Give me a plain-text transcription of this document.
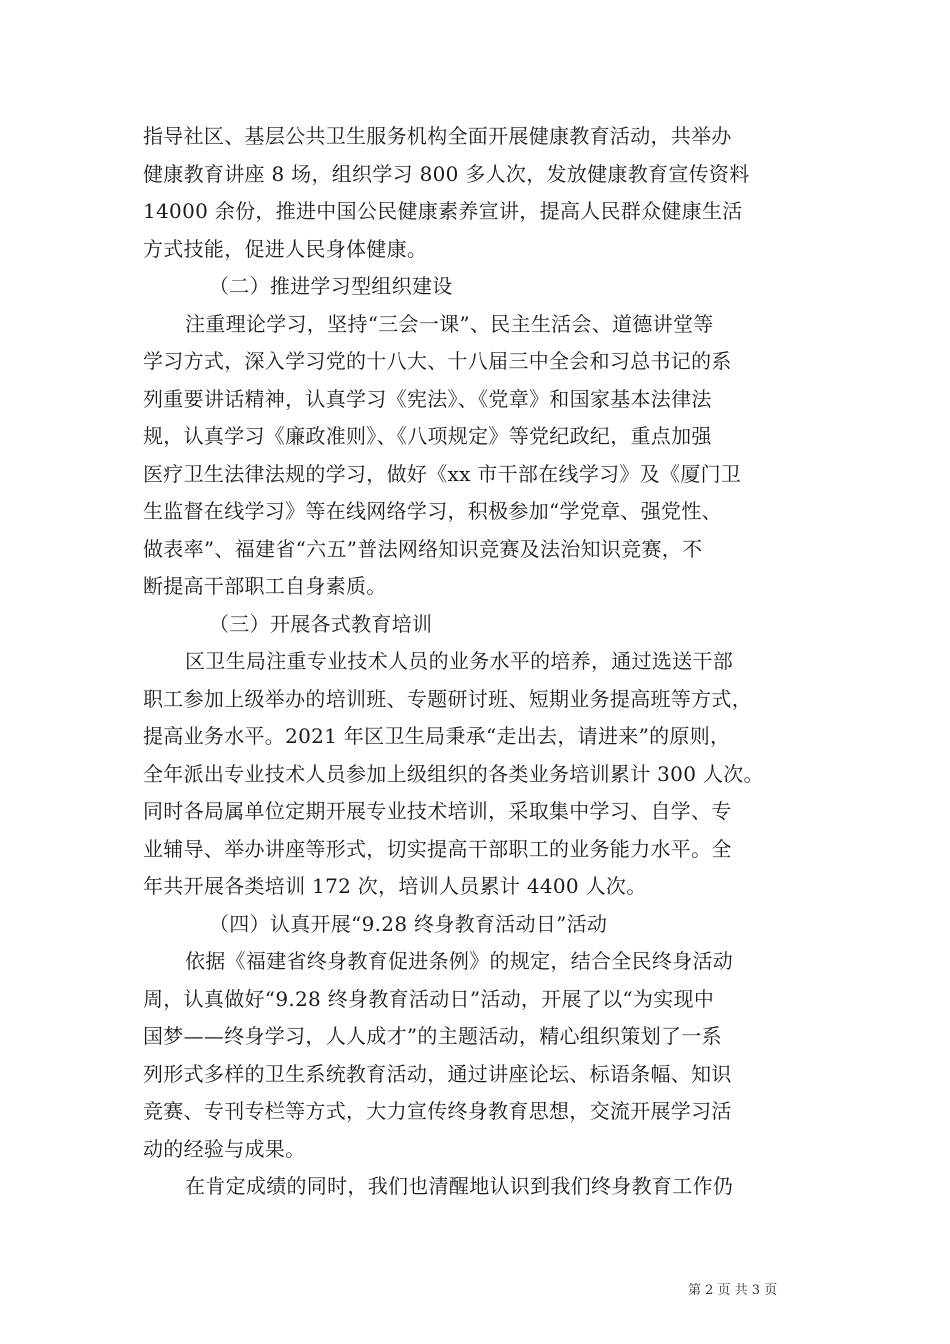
指导社区、基层公共卫生服务机构全面开展健康教育活动，共举办
健康教育讲座 8 场，组织学习 800 多人次，发放健康教育宣传资料
14000 余份，推进中国公民健康素养宣讲，提高人民群众健康生活
方式技能，促进人民身体健康。
（二）推进学习型组织建设
注重理论学习，坚持“三会一课”、民主生活会、道德讲堂等
学习方式，深入学习党的十八大、十八届三中全会和习总书记的系
列重要讲话精神，认真学习《宪法》、《党章》和国家基本法律法
规，认真学习《廉政准则》、《八项规定》等党纪政纪，重点加强
医疗卫生法律法规的学习，做好《xx 市干部在线学习》及《厦门卫
生监督在线学习》等在线网络学习，积极参加“学党章、强党性、
做表率”、福建省“六五”普法网络知识竞赛及法治知识竞赛，不
断提高干部职工自身素质。
（三）开展各式教育培训
区卫生局注重专业技术人员的业务水平的培养，通过选送干部
职工参加上级举办的培训班、专题研讨班、短期业务提高班等方式，
提高业务水平。2021 年区卫生局秉承“走出去，请进来”的原则，
全年派出专业技术人员参加上级组织的各类业务培训累计 300 人次。
同时各局属单位定期开展专业技术培训，采取集中学习、自学、专
业辅导、举办讲座等形式，切实提高干部职工的业务能力水平。全
年共开展各类培训 172 次，培训人员累计 4400 人次。
（四）认真开展“9.28 终身教育活动日”活动
依据《福建省终身教育促进条例》的规定，结合全民终身活动
周，认真做好“9.28 终身教育活动日”活动，开展了以“为实现中
国梦——终身学习，人人成才”的主题活动，精心组织策划了一系
列形式多样的卫生系统教育活动，通过讲座论坛、标语条幅、知识
竞赛、专刊专栏等方式，大力宣传终身教育思想，交流开展学习活
动的经验与成果。
在肯定成绩的同时，我们也清醒地认识到我们终身教育工作仍
第 2 页 共 3 页
